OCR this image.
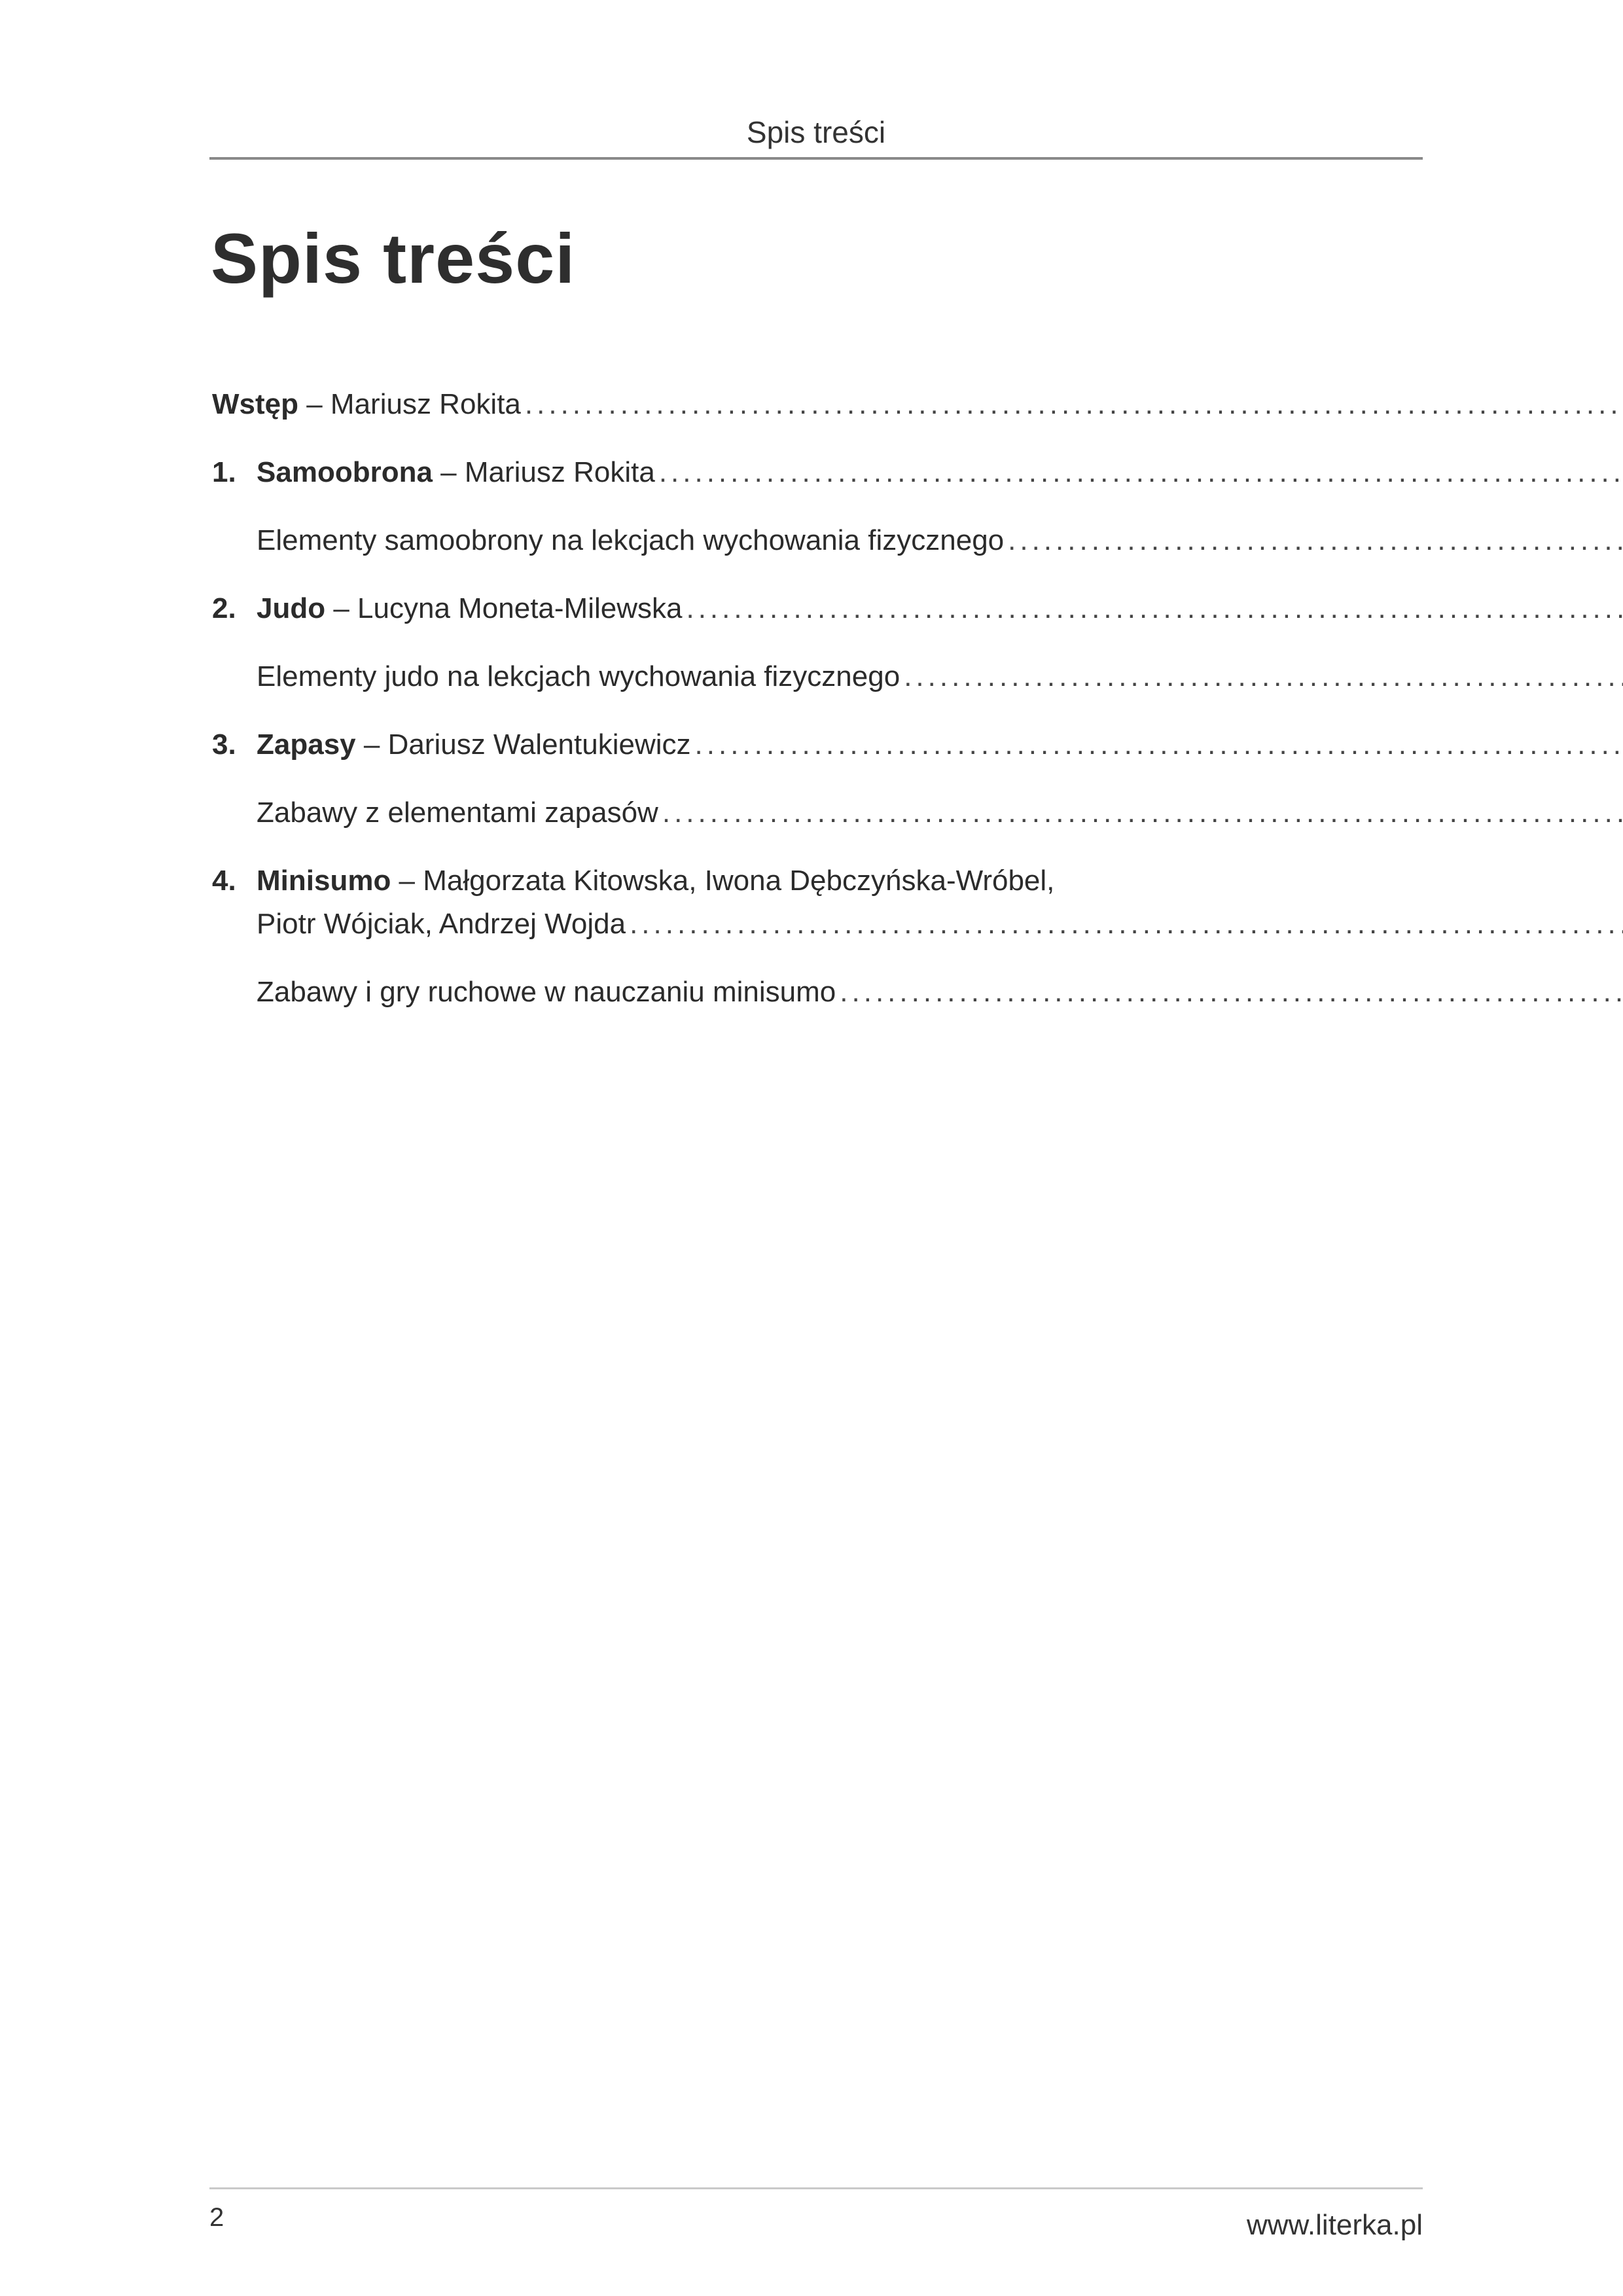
Spis treści
Spis treści
Wstęp – Mariusz Rokita
.....
1. Samoobrona – Mariusz Rokita
.....
Elementy samoobrony na lekcjach wychowania fizycznego
.....
2. Judo – Lucyna Moneta-Milewska
.....
Elementy judo na lekcjach wychowania fizycznego
.....
3. Zapasy – Dariusz Walentukiewicz
.....
Zabawy z elementami zapasów
.....
4. Minisumo – Małgorzata Kitowska, Iwona Dębczyńska-Wróbel,
Piotr Wójciak, Andrzej Wojda
.....
Zabawy i gry ruchowe w nauczaniu minisumo
.....
2	www.literka.pl
